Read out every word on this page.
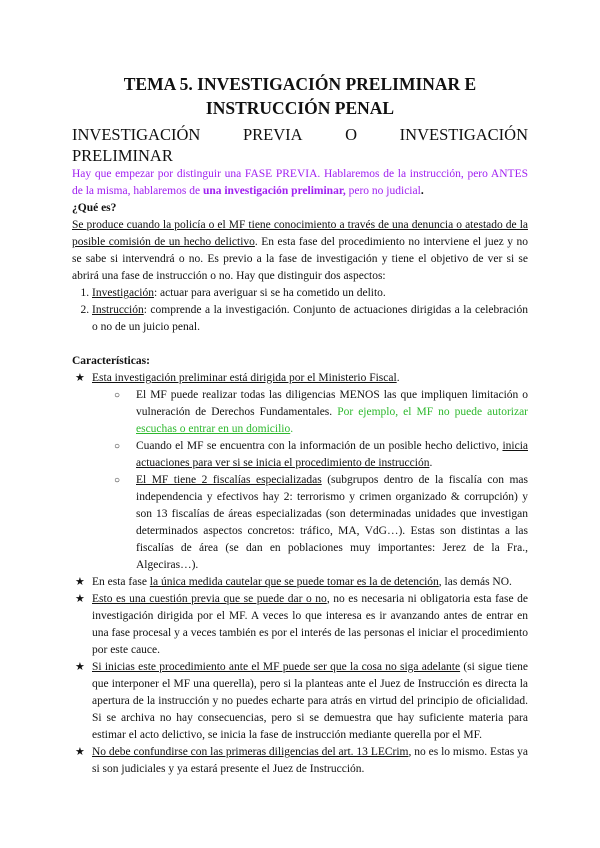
TEMA 5. INVESTIGACIÓN PRELIMINAR E
INSTRUCCIÓN PENAL
INVESTIGACIÓN	PREVIA	O	INVESTIGACIÓN
PRELIMINAR

Hay que empezar por distinguir una FASE PREVIA. Hablaremos de la instrucción, pero ANTES de la misma, hablaremos de una investigación preliminar, pero no judicial.

¿Qué es?

Se produce cuando la policía o el MF tiene conocimiento a través de una denuncia o atestado de la posible comisión de un hecho delictivo. En esta fase del procedimiento no interviene el juez y no se sabe si intervendrá o no. Es previo a la fase de investigación y tiene el objetivo de ver si se abrirá una fase de instrucción o no. Hay que distinguir dos aspectos:

1. Investigación: actuar para averiguar si se ha cometido un delito.
2. Instrucción: comprende a la investigación. Conjunto de actuaciones dirigidas a la celebración o no de un juicio penal.

Características:

★ Esta investigación preliminar está dirigida por el Ministerio Fiscal.
○ El MF puede realizar todas las diligencias MENOS las que impliquen limitación o vulneración de Derechos Fundamentales. Por ejemplo, el MF no puede autorizar escuchas o entrar en un domicilio.
○ Cuando el MF se encuentra con la información de un posible hecho delictivo, inicia actuaciones para ver si se inicia el procedimiento de instrucción.
○ El MF tiene 2 fiscalías especializadas (subgrupos dentro de la fiscalía con mas independencia y efectivos hay 2: terrorismo y crimen organizado & corrupción) y son 13 fiscalías de áreas especializadas (son determinadas unidades que investigan determinados aspectos concretos: tráfico, MA, VdG…). Estas son distintas a las fiscalías de área (se dan en poblaciones muy importantes: Jerez de la Fra., Algeciras…).
★ En esta fase la única medida cautelar que se puede tomar es la de detención, las demás NO.
★ Esto es una cuestión previa que se puede dar o no, no es necesaria ni obligatoria esta fase de investigación dirigida por el MF. A veces lo que interesa es ir avanzando antes de entrar en una fase procesal y a veces también es por el interés de las personas el iniciar el procedimiento por este cauce.
★ Si inicias este procedimiento ante el MF puede ser que la cosa no siga adelante (si sigue tiene que interponer el MF una querella), pero si la planteas ante el Juez de Instrucción es directa la apertura de la instrucción y no puedes echarte para atrás en virtud del principio de oficialidad. Si se archiva no hay consecuencias, pero si se demuestra que hay suficiente materia para estimar el acto delictivo, se inicia la fase de instrucción mediante querella por el MF.
★ No debe confundirse con las primeras diligencias del art. 13 LECrim, no es lo mismo. Estas ya si son judiciales y ya estará presente el Juez de Instrucción.
